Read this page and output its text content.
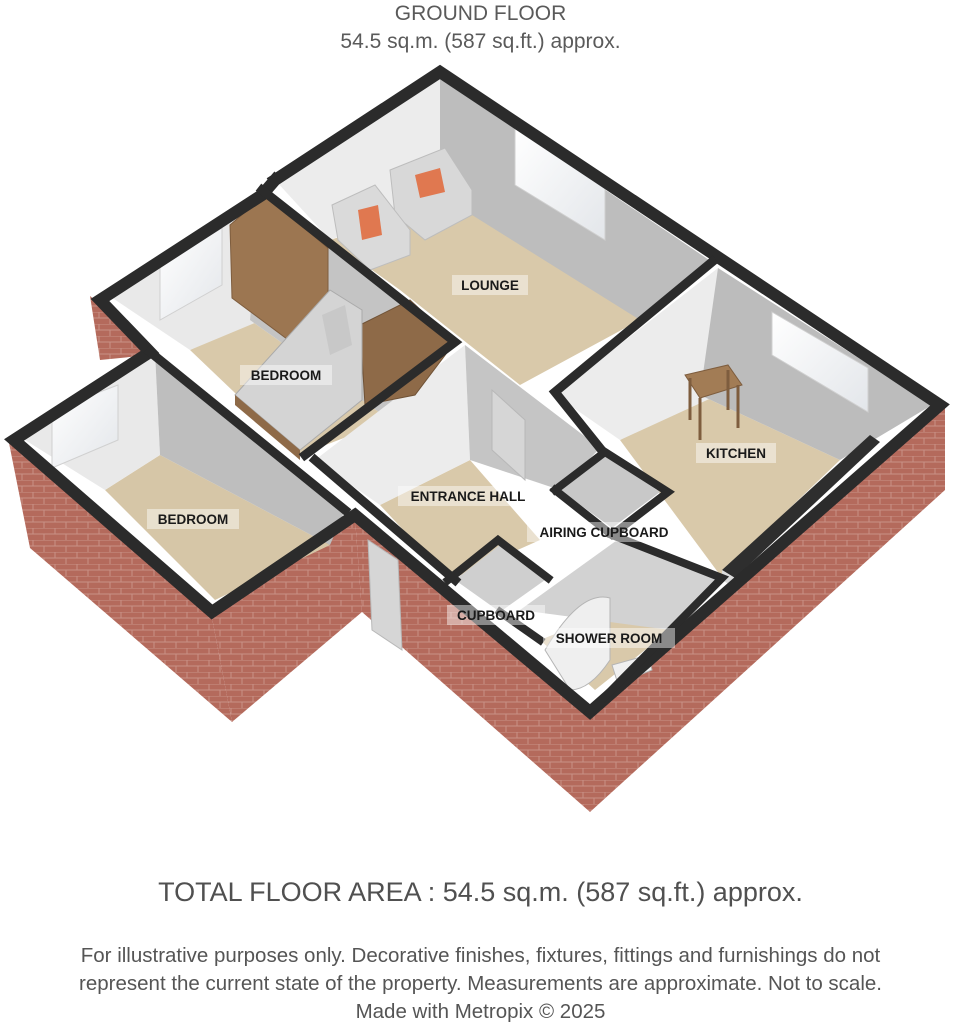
GROUND FLOOR
54.5 sq.m. (587 sq.ft.) approx.
LOUNGE
BEDROOM
BEDROOM
KITCHEN
ENTRANCE HALL
AIRING CUPBOARD
CUPBOARD
SHOWER ROOM
TOTAL FLOOR AREA : 54.5 sq.m. (587 sq.ft.) approx.
For illustrative purposes only. Decorative finishes, fixtures, fittings and furnishings do not
represent the current state of the property. Measurements are approximate. Not to scale.
Made with Metropix © 2025
